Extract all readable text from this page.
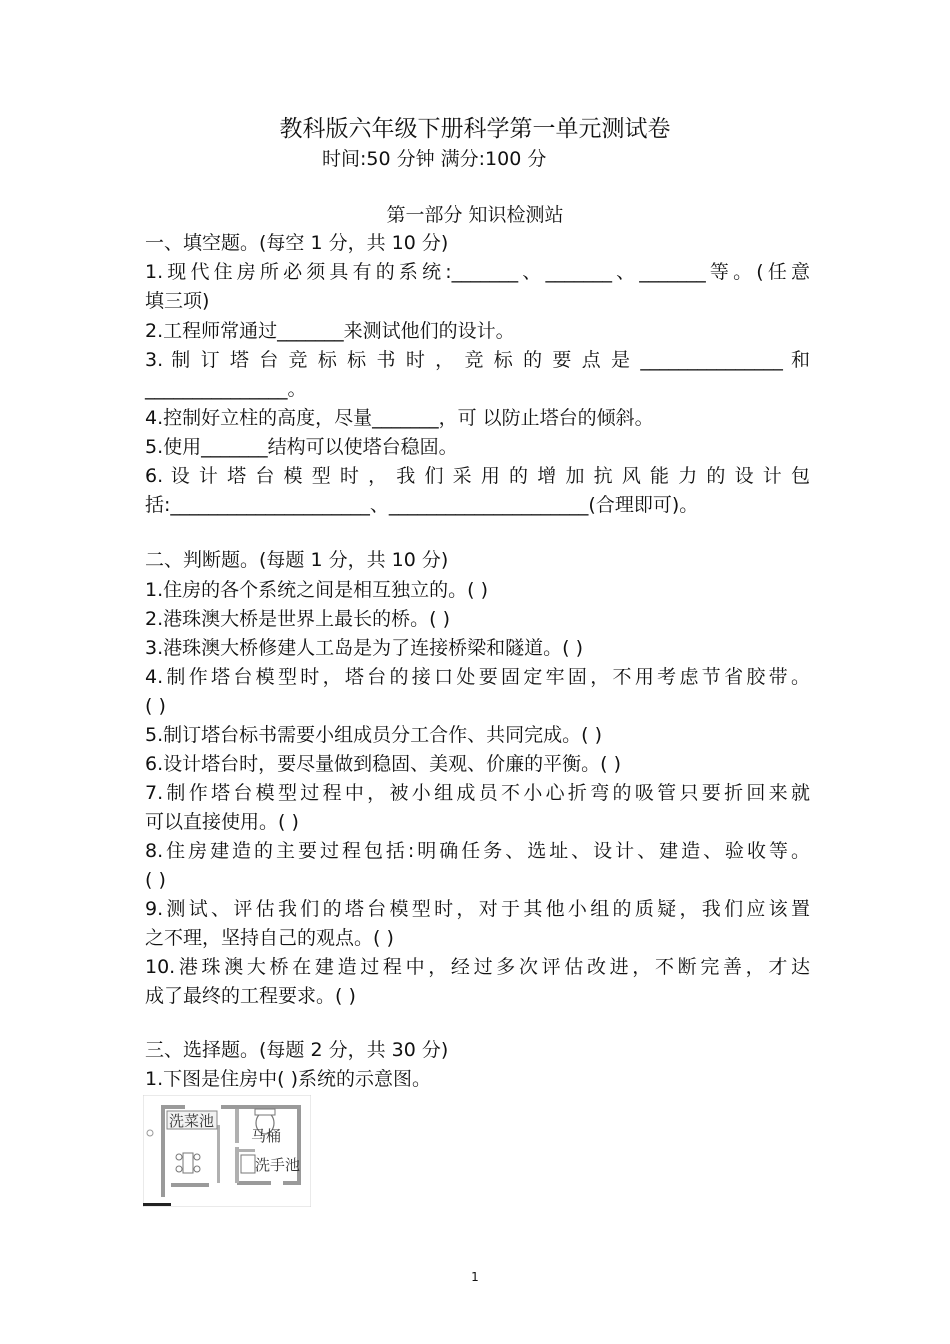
教科版六年级下册科学第一单元测试卷
时间:50 分钟 满分:100 分
第一部分 知识检测站
一、填空题。(每空 1 分，共 10 分)
1.现代住房所必须具有的系统:_______、_______、_______等。(任意
填三项)
2.工程师常通过_______来测试他们的设计。
3. 制 订 塔 台 竞 标 标 书 时 ， 竞 标 的 要 点 是 _______________ 和
_______________。
4.控制好立柱的高度，尽量_______，可 以防止塔台的倾斜。
5.使用_______结构可以使塔台稳固。
6. 设 计 塔 台 模 型 时 ， 我 们 采 用 的 增 加 抗 风 能 力 的 设 计 包
括:_____________________、_____________________(合理即可)。
二、判断题。(每题 1 分，共 10 分)
1.住房的各个系统之间是相互独立的。( )
2.港珠澳大桥是世界上最长的桥。( )
3.港珠澳大桥修建人工岛是为了连接桥梁和隧道。( )
4.制作塔台模型时，塔台的接口处要固定牢固，不用考虑节省胶带。
( )
5.制订塔台标书需要小组成员分工合作、共同完成。( )
6.设计塔台时，要尽量做到稳固、美观、价廉的平衡。( )
7.制作塔台模型过程中，被小组成员不小心折弯的吸管只要折回来就
可以直接使用。( )
8.住房建造的主要过程包括:明确任务、选址、设计、建造、验收等。
( )
9.测试、评估我们的塔台模型时，对于其他小组的质疑，我们应该置
之不理，坚持自己的观点。( )
10.港珠澳大桥在建造过程中，经过多次评估改进，不断完善，才达
成了最终的工程要求。( )
三、选择题。(每题 2 分，共 30 分)
1.下图是住房中( )系统的示意图。
洗菜池
马桶
洗手池
1
